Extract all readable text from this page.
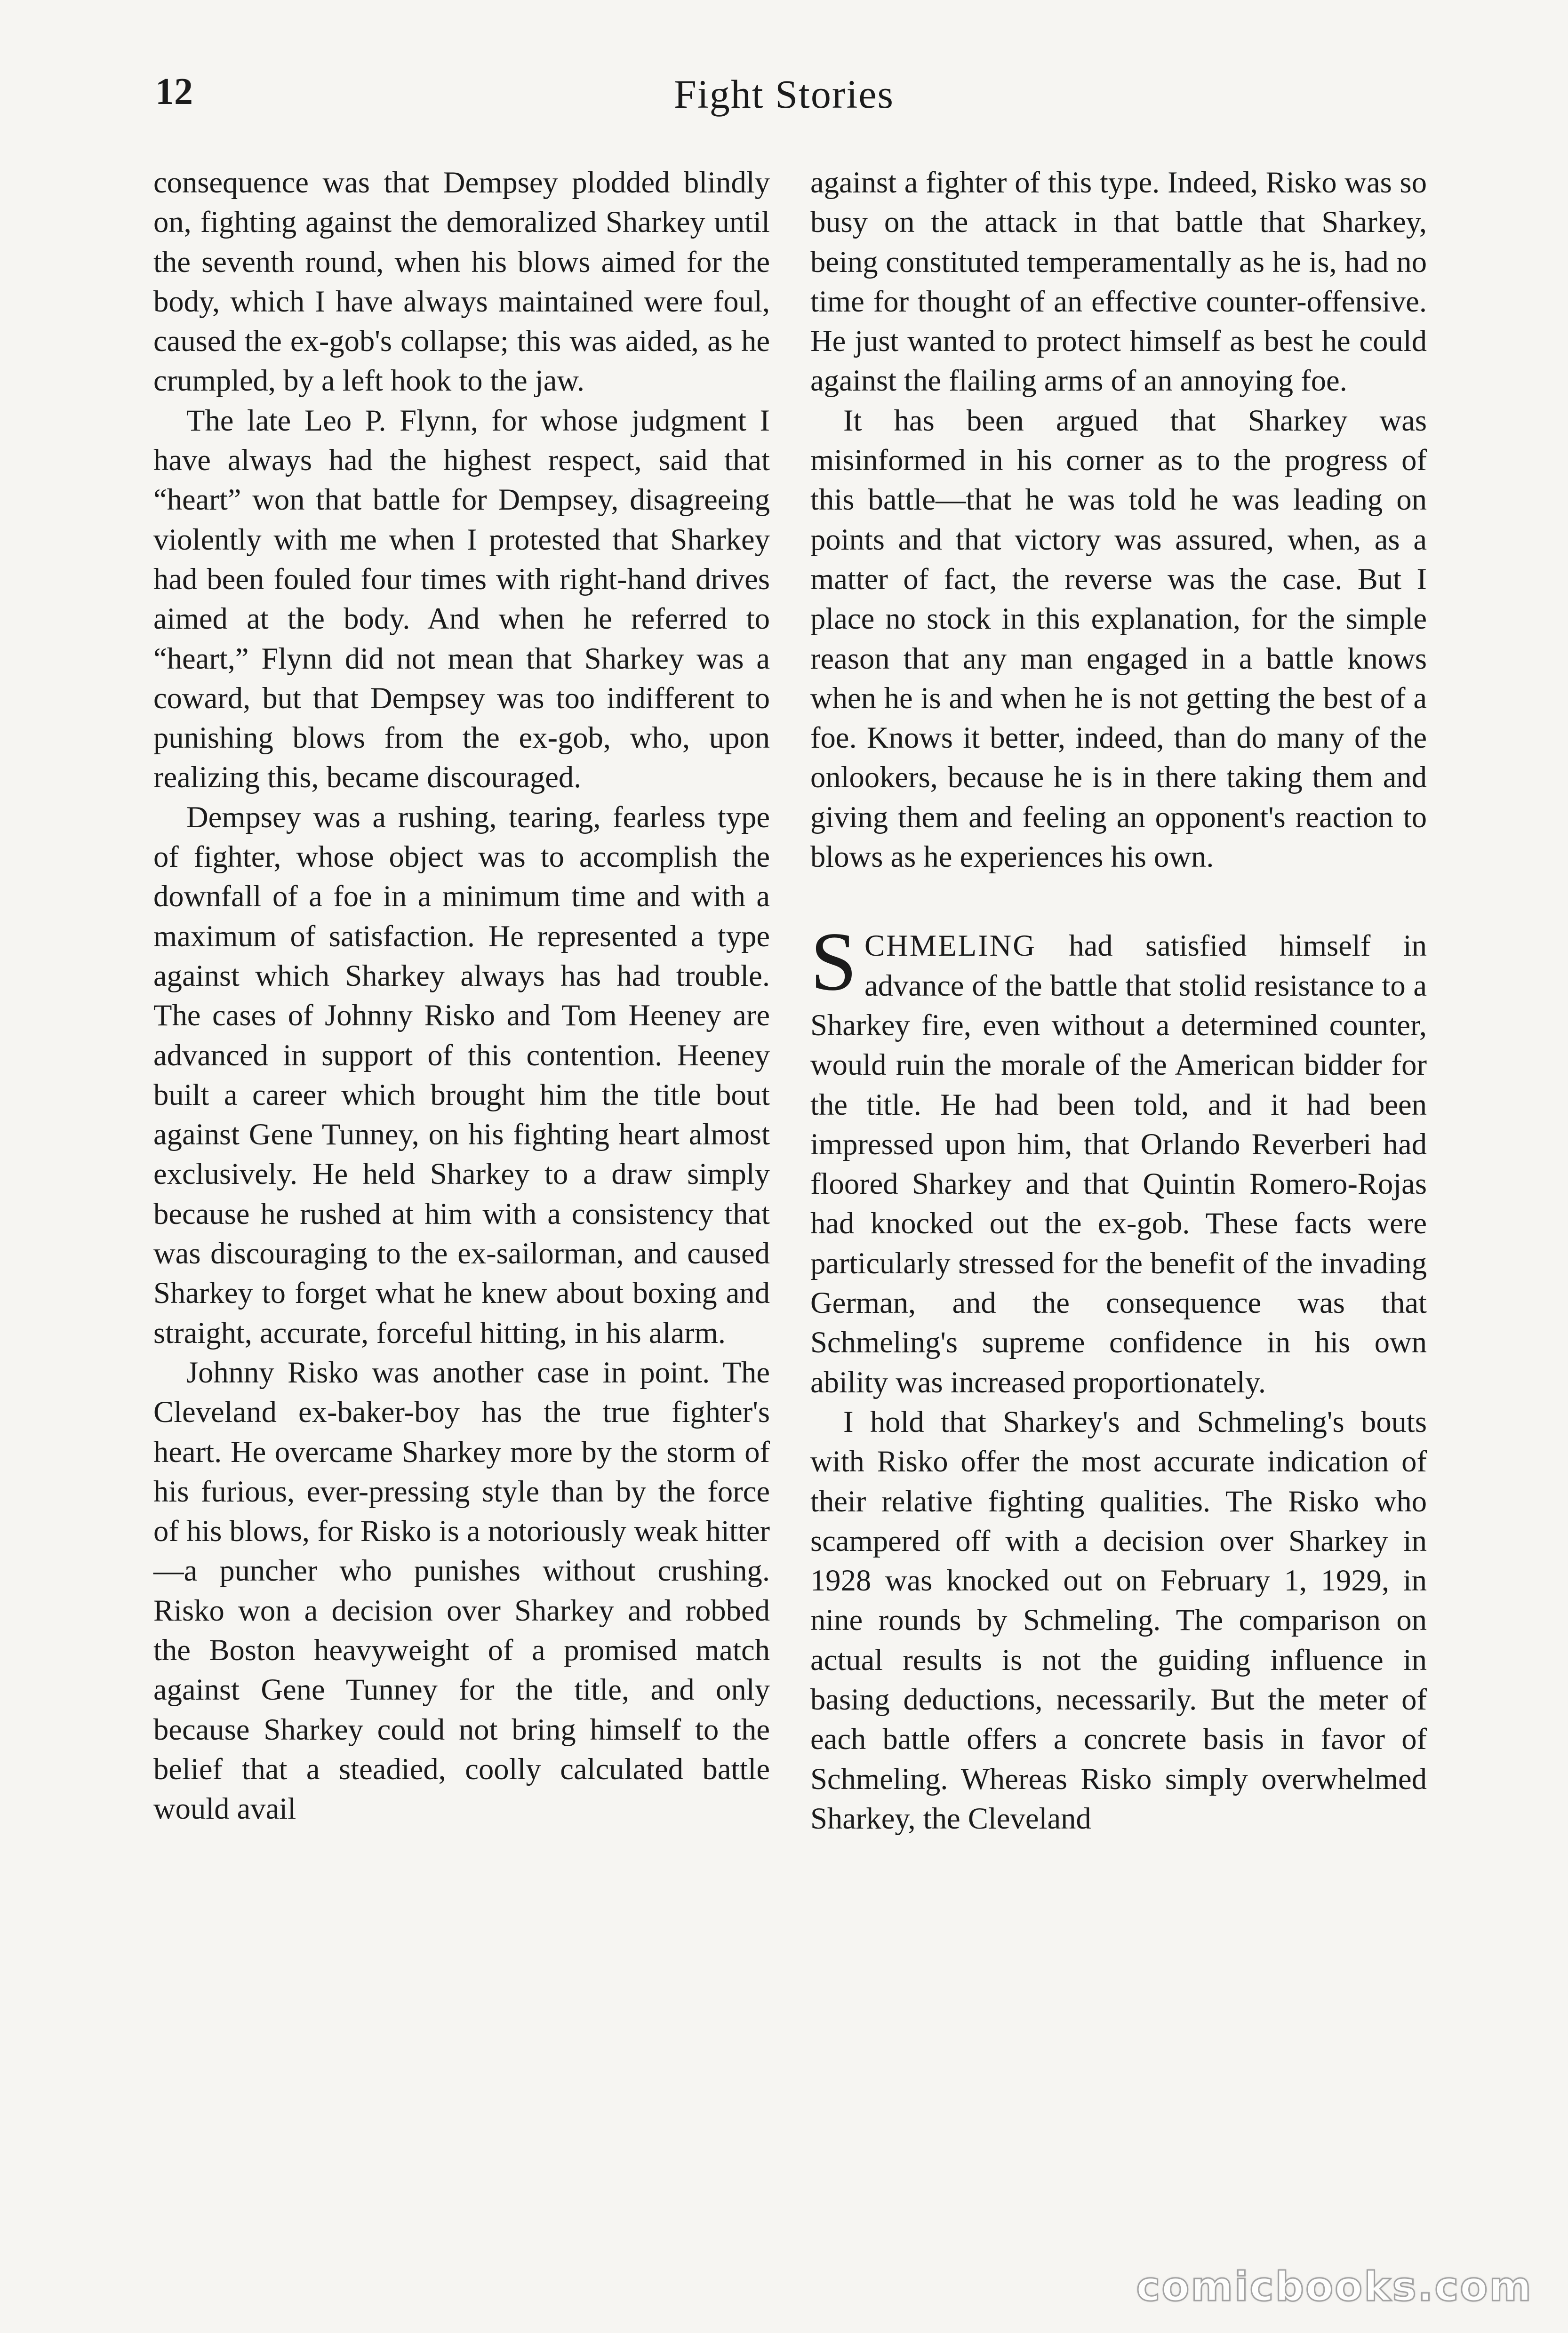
12	Fight Stories

consequence was that Dempsey plodded blindly on, fighting against the demoralized Sharkey until the seventh round, when his blows aimed for the body, which I have always maintained were foul, caused the ex-gob's collapse; this was aided, as he crumpled, by a left hook to the jaw.

The late Leo P. Flynn, for whose judgment I have always had the highest respect, said that “heart” won that battle for Dempsey, disagreeing violently with me when I protested that Sharkey had been fouled four times with right-hand drives aimed at the body. And when he referred to “heart,” Flynn did not mean that Sharkey was a coward, but that Dempsey was too indifferent to punishing blows from the ex-gob, who, upon realizing this, became discouraged.

Dempsey was a rushing, tearing, fearless type of fighter, whose object was to accomplish the downfall of a foe in a minimum time and with a maximum of satisfaction. He represented a type against which Sharkey always has had trouble. The cases of Johnny Risko and Tom Heeney are advanced in support of this contention. Heeney built a career which brought him the title bout against Gene Tunney, on his fighting heart almost exclusively. He held Sharkey to a draw simply because he rushed at him with a consistency that was discouraging to the ex-sailorman, and caused Sharkey to forget what he knew about boxing and straight, accurate, forceful hitting, in his alarm.

Johnny Risko was another case in point. The Cleveland ex-baker-boy has the true fighter's heart. He overcame Sharkey more by the storm of his furious, ever-pressing style than by the force of his blows, for Risko is a notoriously weak hitter—a puncher who punishes without crushing. Risko won a decision over Sharkey and robbed the Boston heavyweight of a promised match against Gene Tunney for the title, and only because Sharkey could not bring himself to the belief that a steadied, coolly calculated battle would avail

against a fighter of this type. Indeed, Risko was so busy on the attack in that battle that Sharkey, being constituted temperamentally as he is, had no time for thought of an effective counter-offensive. He just wanted to protect himself as best he could against the flailing arms of an annoying foe.

It has been argued that Sharkey was misinformed in his corner as to the progress of this battle—that he was told he was leading on points and that victory was assured, when, as a matter of fact, the reverse was the case. But I place no stock in this explanation, for the simple reason that any man engaged in a battle knows when he is and when he is not getting the best of a foe. Knows it better, indeed, than do many of the onlookers, because he is in there taking them and giving them and feeling an opponent's reaction to blows as he experiences his own.

SCHMELING had satisfied himself in advance of the battle that stolid resistance to a Sharkey fire, even without a determined counter, would ruin the morale of the American bidder for the title. He had been told, and it had been impressed upon him, that Orlando Reverberi had floored Sharkey and that Quintin Romero-Rojas had knocked out the ex-gob. These facts were particularly stressed for the benefit of the invading German, and the consequence was that Schmeling's supreme confidence in his own ability was increased proportionately.

I hold that Sharkey's and Schmeling's bouts with Risko offer the most accurate indication of their relative fighting qualities. The Risko who scampered off with a decision over Sharkey in 1928 was knocked out on February 1, 1929, in nine rounds by Schmeling. The comparison on actual results is not the guiding influence in basing deductions, necessarily. But the meter of each battle offers a concrete basis in favor of Schmeling. Whereas Risko simply overwhelmed Sharkey, the Cleveland

comicbooks.com
